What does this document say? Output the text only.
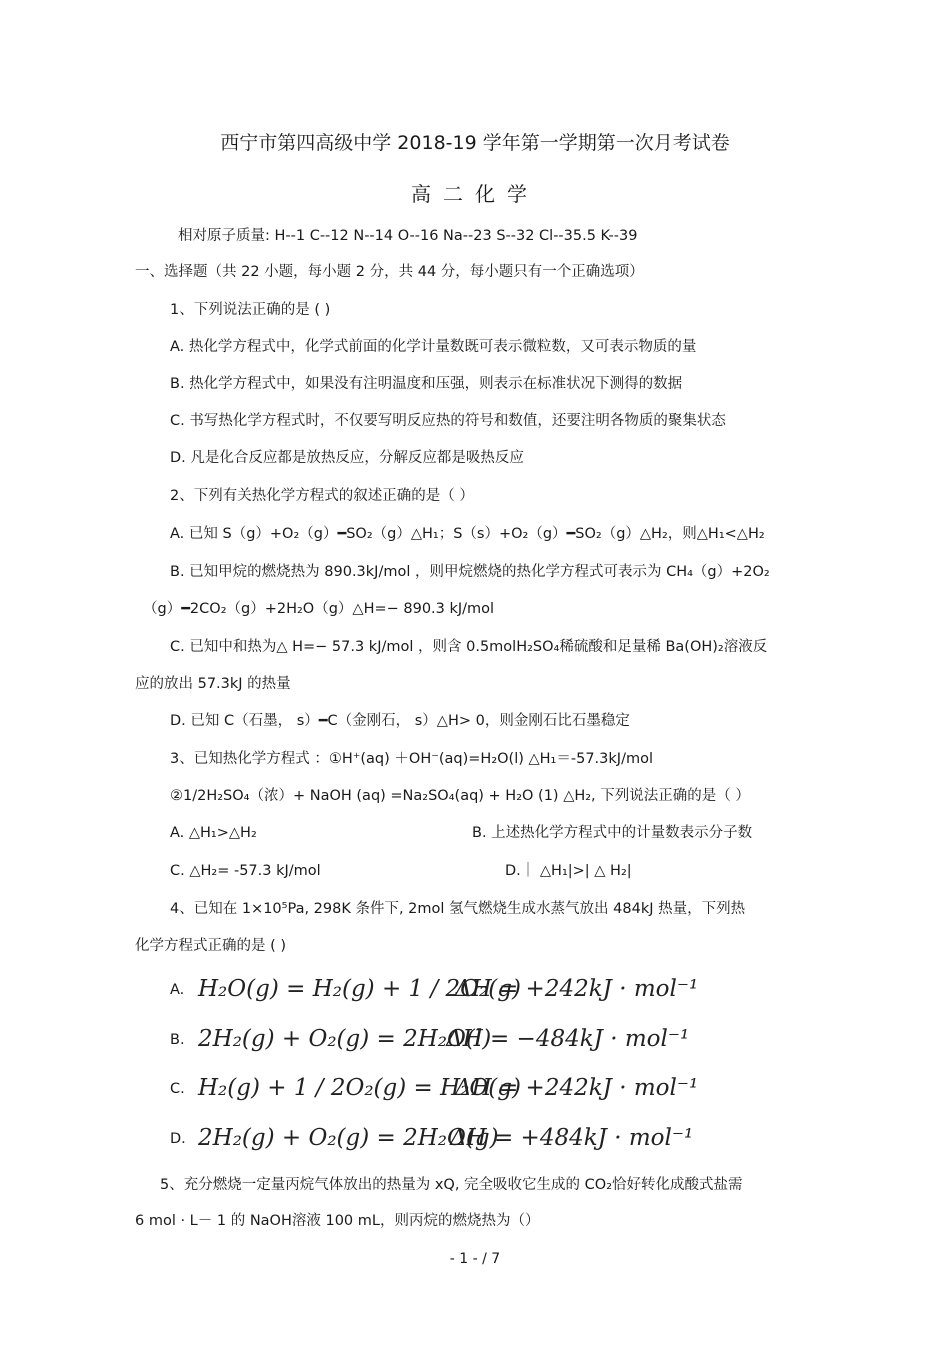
西宁市第四高级中学 2018-19 学年第一学期第一次月考试卷
高二化学
相对原子质量: H--1 C--12 N--14 O--16 Na--23 S--32 Cl--35.5 K--39
一、选择题（共 22 小题，每小题 2 分，共 44 分，每小题只有一个正确选项）
1、下列说法正确的是 ( )
A. 热化学方程式中，化学式前面的化学计量数既可表示微粒数，又可表示物质的量
B. 热化学方程式中，如果没有注明温度和压强，则表示在标准状况下测得的数据
C. 书写热化学方程式时，不仅要写明反应热的符号和数值，还要注明各物质的聚集状态
D. 凡是化合反应都是放热反应，分解反应都是吸热反应
2、下列有关热化学方程式的叙述正确的是（ ）
A. 已知 S（g）+O₂（g）━SO₂（g）△H₁；S（s）+O₂（g）━SO₂（g）△H₂，则△H₁<△H₂
B. 已知甲烷的燃烧热为 890.3kJ/mol ，则甲烷燃烧的热化学方程式可表示为 CH₄（g）+2O₂
（g）━2CO₂（g）+2H₂O（g）△H=− 890.3 kJ/mol
C. 已知中和热为△ H=− 57.3 kJ/mol ，则含 0.5molH₂SO₄稀硫酸和足量稀 Ba(OH)₂溶液反
应的放出 57.3kJ 的热量
D. 已知 C（石墨， s）━C（金刚石， s）△H> 0，则金刚石比石墨稳定
3、已知热化学方程式 ：①H⁺(aq) ＋OH⁻(aq)=H₂O(l) △H₁＝-57.3kJ/mol
②1/2H₂SO₄（浓）+ NaOH (aq) =Na₂SO₄(aq) + H₂O (1) △H₂, 下列说法正确的是（ ）
A. △H₁>△H₂	B. 上述热化学方程式中的计量数表示分子数
C. △H₂= -57.3 kJ/mol	D.｜ △H₁|>| △ H₂|
4、已知在 1×10⁵Pa, 298K 条件下, 2mol 氢气燃烧生成水蒸气放出 484kJ 热量，下列热
化学方程式正确的是 ( )
A. H₂O(g) = H₂(g) + 1 / 2O₂(g)
ΔH = +242kJ · mol⁻¹
B. 2H₂(g) + O₂(g) = 2H₂O(l)
ΔH = −484kJ · mol⁻¹
C. H₂(g) + 1 / 2O₂(g) = H₂O(g)
ΔH = +242kJ · mol⁻¹
D. 2H₂(g) + O₂(g) = 2H₂O(g)
ΔH = +484kJ · mol⁻¹
5、充分燃烧一定量丙烷气体放出的热量为 xQ, 完全吸收它生成的 CO₂恰好转化成酸式盐需
6 mol · L－ 1 的 NaOH溶液 100 mL，则丙烷的燃烧热为（）
- 1 - / 7
